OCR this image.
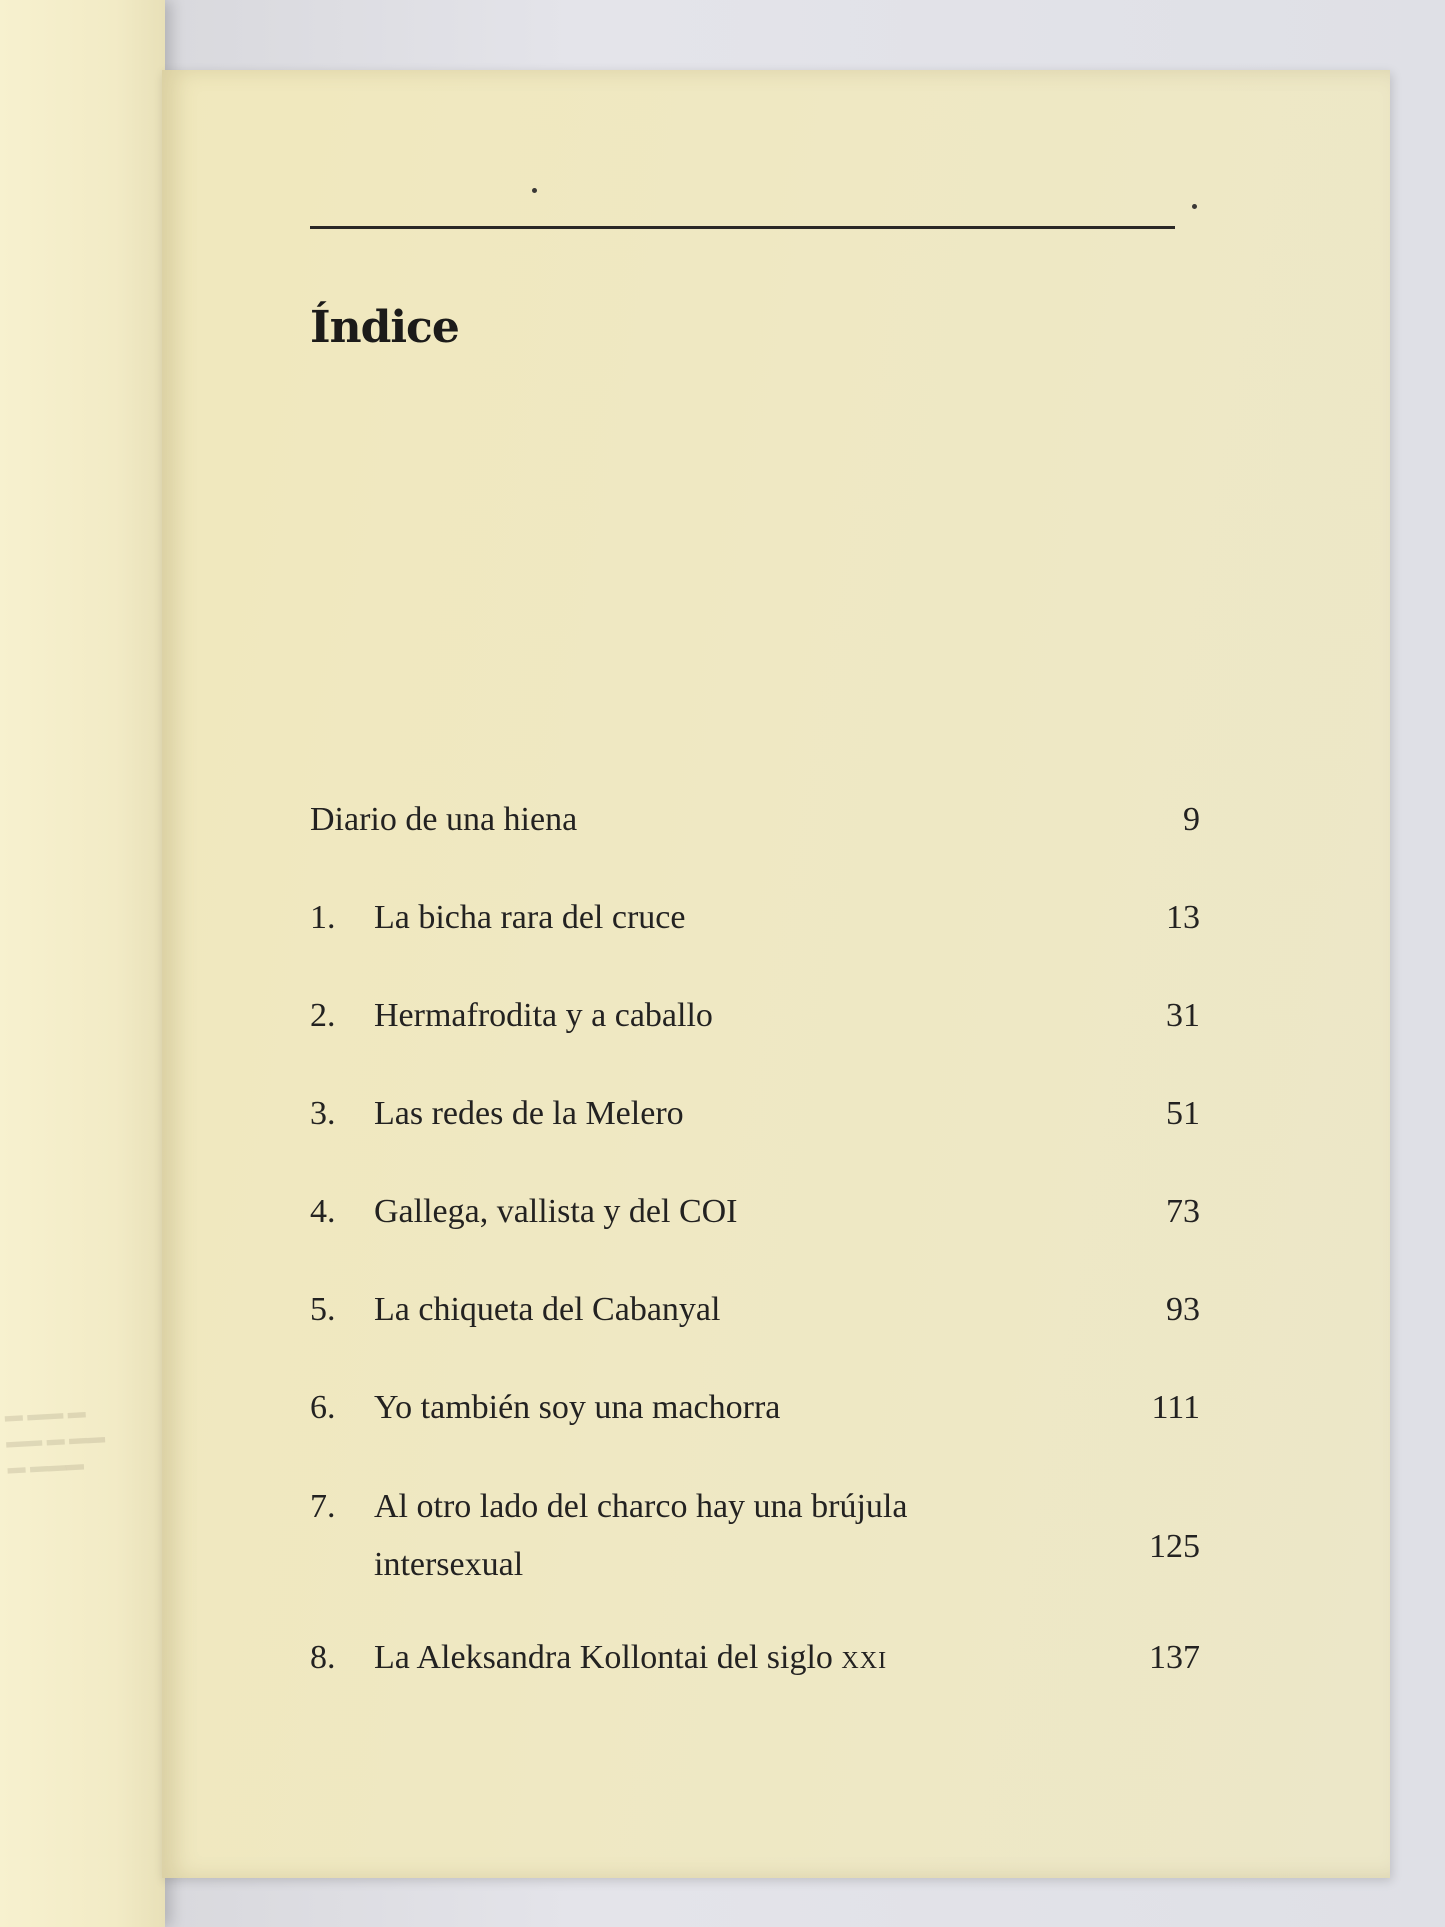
▬ ▬▬ ▬
▬▬ ▬ ▬▬
▬ ▬▬▬
Índice
Diario de una hiena	9
1.	La bicha rara del cruce	13
2.	Hermafrodita y a caballo	31
3.	Las redes de la Melero	51
4.	Gallega, vallista y del COI	73
5.	La chiqueta del Cabanyal	93
6.	Yo también soy una machorra	111
7.	Al otro lado del charco hay una brújula
intersexual	125
8.	La Aleksandra Kollontai del siglo xxi	137
